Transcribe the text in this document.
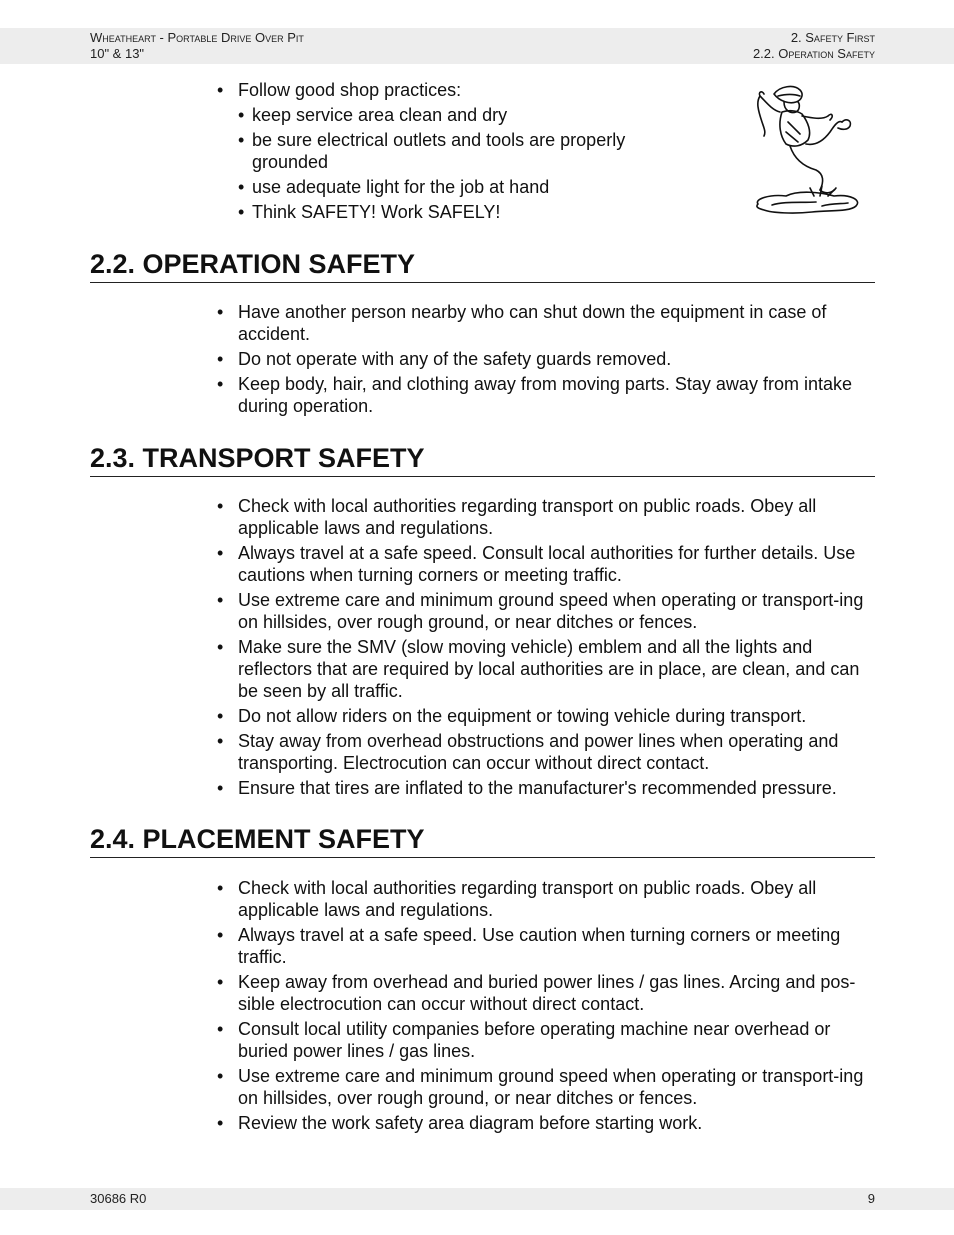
Wheatheart - Portable Drive Over Pit
10" & 13"
2. Safety First
2.2. Operation Safety
• Follow good shop practices:
• keep service area clean and dry
• be sure electrical outlets and tools are properly grounded
• use adequate light for the job at hand
• Think SAFETY! Work SAFELY!
2.2. OPERATION SAFETY
• Have another person nearby who can shut down the equipment in case of accident.
• Do not operate with any of the safety guards removed.
• Keep body, hair, and clothing away from moving parts. Stay away from intake during operation.
2.3. TRANSPORT SAFETY
• Check with local authorities regarding transport on public roads. Obey all applicable laws and regulations.
• Always travel at a safe speed. Consult local authorities for further details. Use cautions when turning corners or meeting traffic.
• Use extreme care and minimum ground speed when operating or transport-ing on hillsides, over rough ground, or near ditches or fences.
• Make sure the SMV (slow moving vehicle) emblem and all the lights and reflectors that are required by local authorities are in place, are clean, and can be seen by all traffic.
• Do not allow riders on the equipment or towing vehicle during transport.
• Stay away from overhead obstructions and power lines when operating and transporting. Electrocution can occur without direct contact.
• Ensure that tires are inflated to the manufacturer's recommended pressure.
2.4. PLACEMENT SAFETY
• Check with local authorities regarding transport on public roads. Obey all applicable laws and regulations.
• Always travel at a safe speed. Use caution when turning corners or meeting traffic.
• Keep away from overhead and buried power lines / gas lines. Arcing and pos-sible electrocution can occur without direct contact.
• Consult local utility companies before operating machine near overhead or buried power lines / gas lines.
• Use extreme care and minimum ground speed when operating or transport-ing on hillsides, over rough ground, or near ditches or fences.
• Review the work safety area diagram before starting work.
30686 R0	9
